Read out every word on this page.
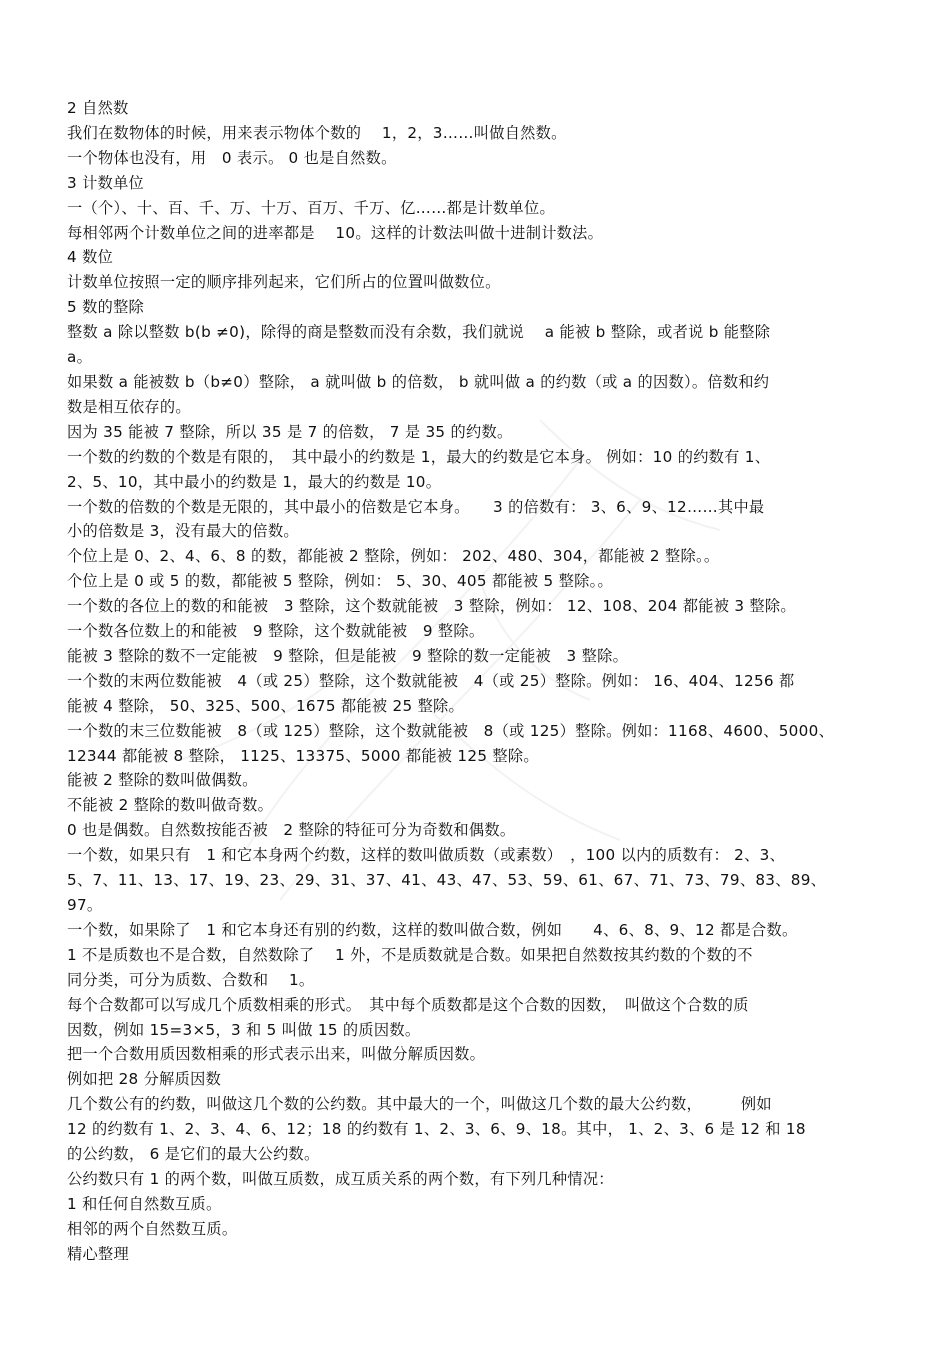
2 自然数

我们在数物体的时候，用来表示物体个数的　 1，2，3……叫做自然数。

一个物体也没有，用　0 表示。 0 也是自然数。

3 计数单位

一（个）、十、百、千、万、十万、百万、千万、亿……都是计数单位。

每相邻两个计数单位之间的进率都是　 10。这样的计数法叫做十进制计数法。

4 数位

计数单位按照一定的顺序排列起来，它们所占的位置叫做数位。

5 数的整除

整数 a 除以整数 b(b ≠0)，除得的商是整数而没有余数，我们就说　 a 能被 b 整除，或者说 b 能整除

a。

如果数 a 能被数 b（b≠0）整除， a 就叫做 b 的倍数， b 就叫做 a 的约数（或 a 的因数）。倍数和约

数是相互依存的。

因为 35 能被 7 整除，所以 35 是 7 的倍数， 7 是 35 的约数。

一个数的约数的个数是有限的，　其中最小的约数是 1，最大的约数是它本身。 例如：10 的约数有 1、

2、5、10，其中最小的约数是 1，最大的约数是 10。

一个数的倍数的个数是无限的，其中最小的倍数是它本身。　　3 的倍数有： 3、6、9、12……其中最

小的倍数是 3，没有最大的倍数。

个位上是 0、2、4、6、8 的数，都能被 2 整除，例如： 202、480、304，都能被 2 整除。。

个位上是 0 或 5 的数，都能被 5 整除，例如： 5、30、405 都能被 5 整除。。

一个数的各位上的数的和能被　3 整除，这个数就能被　3 整除，例如： 12、108、204 都能被 3 整除。

一个数各位数上的和能被　9 整除，这个数就能被　9 整除。

能被 3 整除的数不一定能被　9 整除，但是能被　9 整除的数一定能被　3 整除。

一个数的末两位数能被　4（或 25）整除，这个数就能被　4（或 25）整除。例如： 16、404、1256 都

能被 4 整除， 50、325、500、1675 都能被 25 整除。

一个数的末三位数能被　8（或 125）整除，这个数就能被　8（或 125）整除。例如：1168、4600、5000、

12344 都能被 8 整除， 1125、13375、5000 都能被 125 整除。

能被 2 整除的数叫做偶数。

不能被 2 整除的数叫做奇数。

0 也是偶数。自然数按能否被　2 整除的特征可分为奇数和偶数。

一个数，如果只有　1 和它本身两个约数，这样的数叫做质数（或素数）　，100 以内的质数有： 2、3、

5、7、11、13、17、19、23、29、31、37、41、43、47、53、59、61、67、71、73、79、83、89、

97。

一个数，如果除了　1 和它本身还有别的约数，这样的数叫做合数，例如　　4、6、8、9、12 都是合数。

1 不是质数也不是合数，自然数除了　 1 外，不是质数就是合数。如果把自然数按其约数的个数的不

同分类，可分为质数、合数和　 1。

每个合数都可以写成几个质数相乘的形式。　其中每个质数都是这个合数的因数，　叫做这个合数的质

因数，例如 15=3×5，3 和 5 叫做 15 的质因数。

把一个合数用质因数相乘的形式表示出来，叫做分解质因数。

例如把 28 分解质因数

几个数公有的约数，叫做这几个数的公约数。其中最大的一个，叫做这几个数的最大公约数，　　　例如

12 的约数有 1、2、3、4、6、12；18 的约数有 1、2、3、6、9、18。其中， 1、2、3、6 是 12 和 18

的公约数， 6 是它们的最大公约数。

公约数只有 1 的两个数，叫做互质数，成互质关系的两个数，有下列几种情况：

1 和任何自然数互质。

相邻的两个自然数互质。

精心整理
